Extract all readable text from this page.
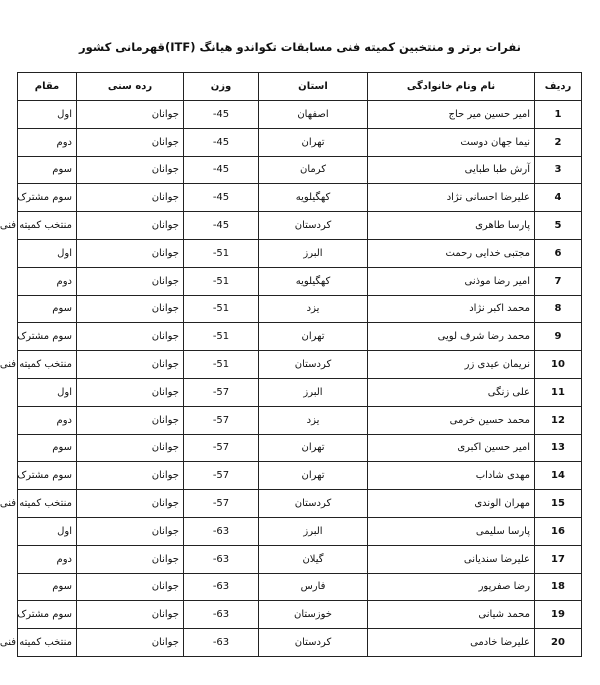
نفرات برتر و منتخبین کمیته فنی مسابقات تکواندو هیانگ (ITF)قهرمانی کشور
ردیف	نام ونام خانوادگی	استان	وزن	رده سنی	مقام
1	امیر حسین میر حاج	اصفهان	-45	جوانان	اول
2	نیما جهان دوست	تهران	-45	جوانان	دوم
3	آرش طبا طبایی	کرمان	-45	جوانان	سوم
4	علیرضا احسانی نژاد	کهگیلویه	-45	جوانان	سوم مشترک
5	پارسا طاهری	کردستان	-45	جوانان	منتخب کمیته فنی
6	مجتبی خدایی رحمت	البرز	-51	جوانان	اول
7	امیر رضا موذنی	کهگیلویه	-51	جوانان	دوم
8	محمد اکبر نژاد	یزد	-51	جوانان	سوم
9	محمد رضا شرف لویی	تهران	-51	جوانان	سوم مشترک
10	نریمان عیدی زر	کردستان	-51	جوانان	منتخب کمیته فنی
11	علی زنگی	البرز	-57	جوانان	اول
12	محمد حسین خرمی	یزد	-57	جوانان	دوم
13	امیر حسین اکبری	تهران	-57	جوانان	سوم
14	مهدی شاداب	تهران	-57	جوانان	سوم مشترک
15	مهران الوندی	کردستان	-57	جوانان	منتخب کمیته فنی
16	پارسا سلیمی	البرز	-63	جوانان	اول
17	علیرضا سندیانی	گیلان	-63	جوانان	دوم
18	رضا صفرپور	فارس	-63	جوانان	سوم
19	محمد شیانی	خوزستان	-63	جوانان	سوم مشترک
20	علیرضا خادمی	کردستان	-63	جوانان	منتخب کمیته فنی
